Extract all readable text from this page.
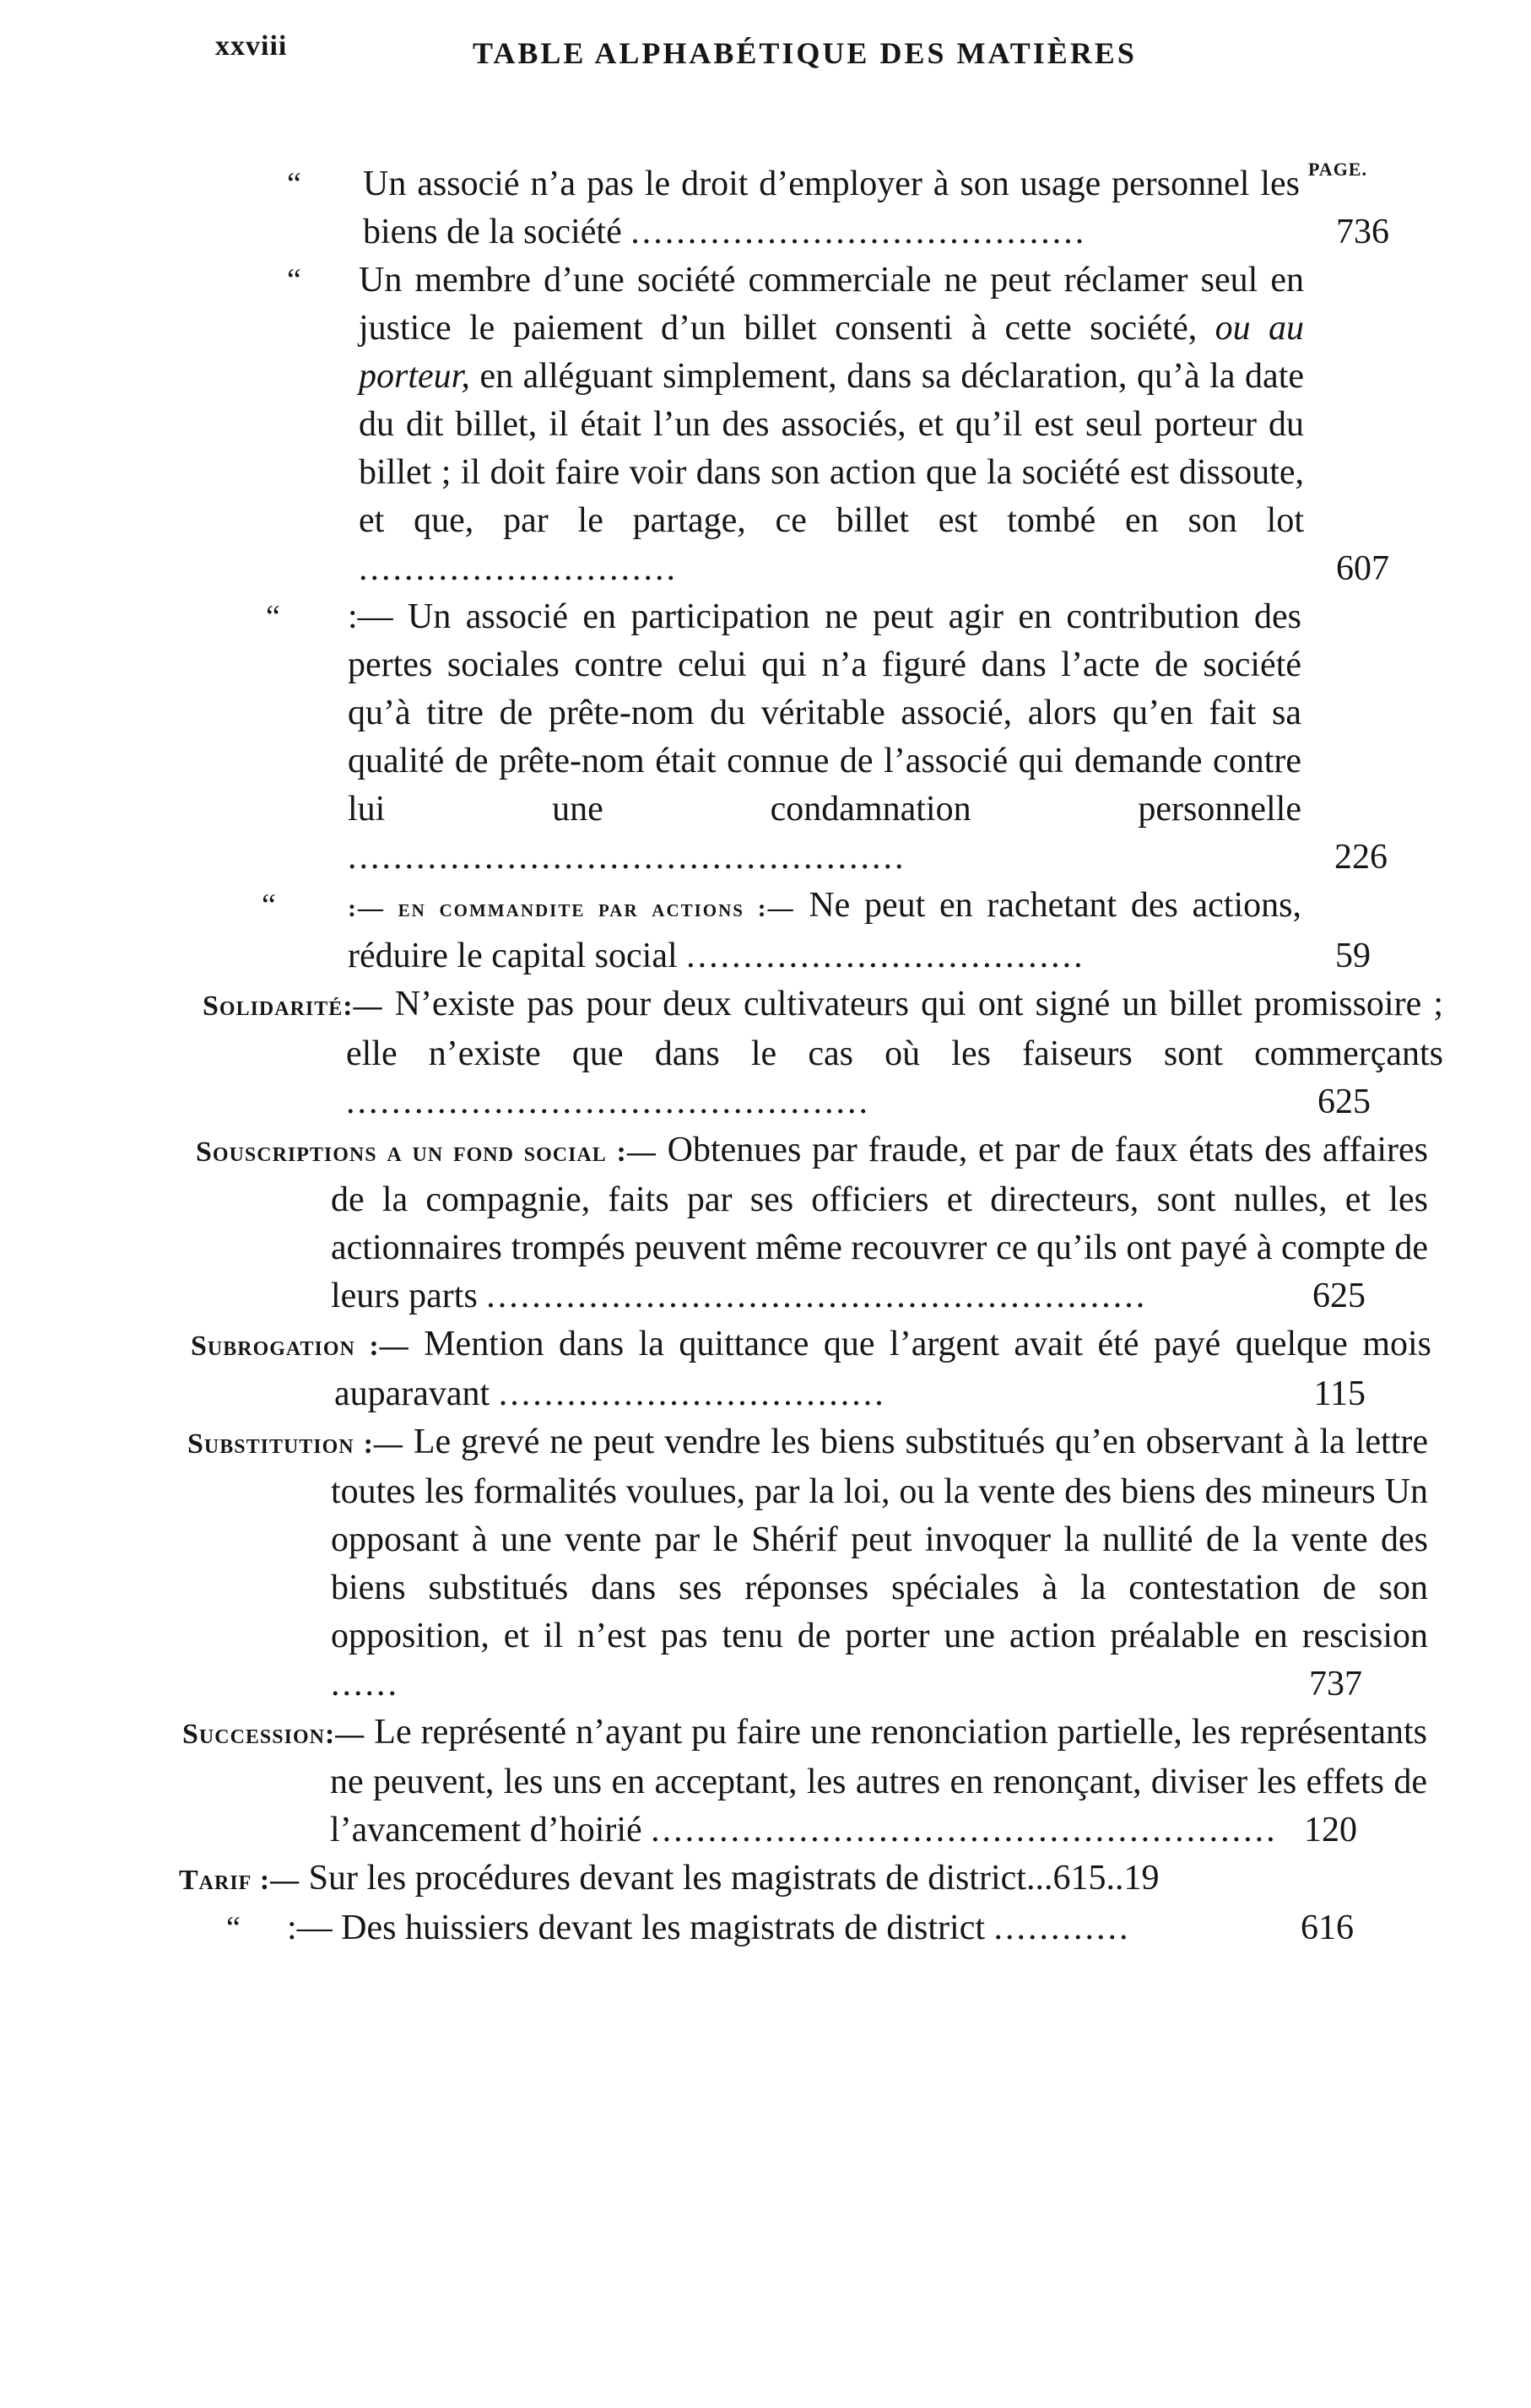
xxviii	TABLE ALPHABÉTIQUE DES MATIÈRES
PAGE.
“ Un associé n’a pas le droit d’employer à son usage personnel les biens de la société ........................................	736
“ Un membre d’une société commerciale ne peut réclamer seul en justice le paiement d’un billet consenti à cette société, ou au porteur, en alléguant simplement, dans sa déclaration, qu’à la date du dit billet, il était l’un des associés, et qu’il est seul porteur du billet ; il doit faire voir dans son action que la société est dissoute, et que, par le partage, ce billet est tombé en son lot ............................	607
“ :— Un associé en participation ne peut agir en contribution des pertes sociales contre celui qui n’a figuré dans l’acte de société qu’à titre de prête-nom du véritable associé, alors qu’en fait sa qualité de prête-nom était connue de l’associé qui demande contre lui une condamnation personnelle .................................................	226
“	:— en commandite par actions :— Ne peut en rachetant des actions, réduire le capital social ...................................	59
Solidarité:— N’existe pas pour deux cultivateurs qui ont signé un billet promissoire ; elle n’existe que dans le cas où les faiseurs sont commerçants ..............................................	625
Souscriptions a un fond social :— Obtenues par fraude, et par de faux états des affaires de la compagnie, faits par ses officiers et directeurs, sont nulles, et les actionnaires trompés peuvent même recouvrer ce qu’ils ont payé à compte de leurs parts ..........................................................	625
Subrogation :— Mention dans la quittance que l’argent avait été payé quelque mois auparavant ..................................	115
Substitution :— Le grevé ne peut vendre les biens substitués qu’en observant à la lettre toutes les formalités voulues, par la loi, ou la vente des biens des mineurs Un opposant à une vente par le Shérif peut invoquer la nullité de la vente des biens substitués dans ses réponses spéciales à la contestation de son opposition, et il n’est pas tenu de porter une action préalable en rescision ......	737
Succession:— Le représenté n’ayant pu faire une renonciation partielle, les représentants ne peuvent, les uns en acceptant, les autres en renonçant, diviser les effets de l’avancement d’hoirié ....................................................... 120
Tarif :— Sur les procédures devant les magistrats de district...615..19
“ :— Des huissiers devant les magistrats de district ............	616
